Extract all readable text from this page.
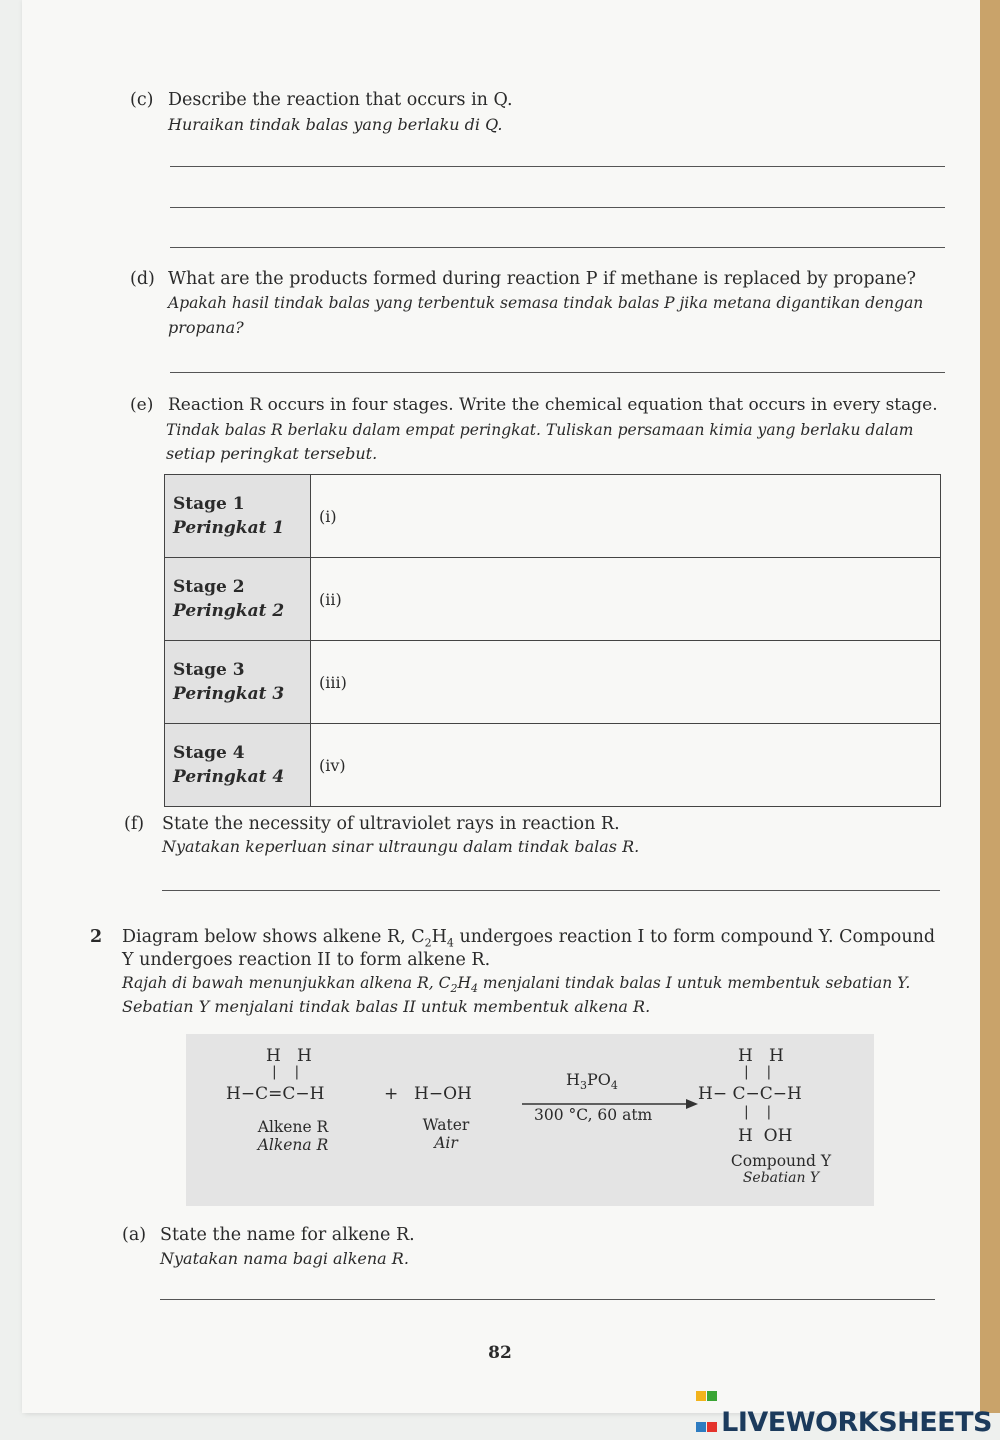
(c) Describe the reaction that occurs in Q.
Huraikan tindak balas yang berlaku di Q.
(d) What are the products formed during reaction P if methane is replaced by propane?
Apakah hasil tindak balas yang terbentuk semasa tindak balas P jika metana digantikan dengan
propana?
(e) Reaction R occurs in four stages. Write the chemical equation that occurs in every stage.
Tindak balas R berlaku dalam empat peringkat. Tuliskan persamaan kimia yang berlaku dalam
setiap peringkat tersebut.
Stage 1
Peringkat 1	(i)

Stage 2
Peringkat 2	(ii)

Stage 3
Peringkat 3	(iii)

Stage 4
Peringkat 4	(iv)
(f) State the necessity of ultraviolet rays in reaction R.
Nyatakan keperluan sinar ultraungu dalam tindak balas R.
2 Diagram below shows alkene R, $C_2H_4$ undergoes reaction I to form compound Y. Compound
Y undergoes reaction II to form alkene R.
Rajah di bawah menunjukkan alkena R, $C_2H_4$ menjalani tindak balas I untuk membentuk sebatian Y.
Sebatian Y menjalani tindak balas II untuk membentuk alkena R.
H   H
|    |
H−C=C−H	+ H−OH
$H_3PO_4$
300 °C, 60 atm
H   H
|    |
H− C−C−H
|    |
H  OH
Alkene R
Alkena R
Water
Air
Compound Y
Sebatian Y
(a) State the name for alkene R.
Nyatakan nama bagi alkena R.
82
LIVEWORKSHEETS
